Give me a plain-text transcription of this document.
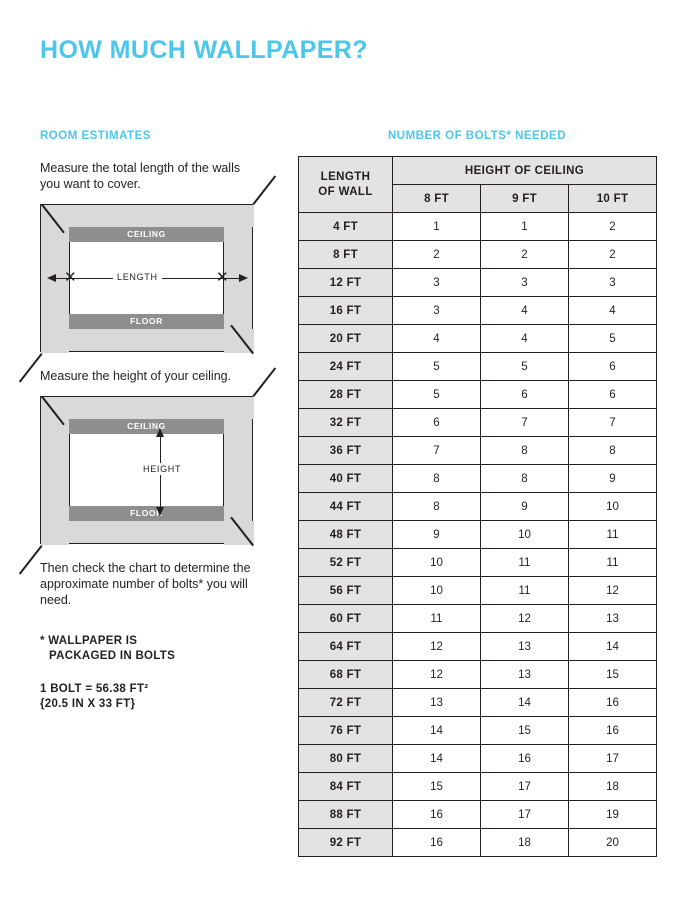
HOW MUCH WALLPAPER?
ROOM ESTIMATES

Measure the total length of the walls you want to cover.

CEILING
FLOOR
✕	✕
LENGTH

Measure the height of your ceiling.

CEILING
FLOOR
HEIGHT

Then check the chart to determine the approximate number of bolts* you will need.

* WALLPAPER IS
PACKAGED IN BOLTS
1 BOLT = 56.38 FT²
{20.5 IN X 33 FT}
NUMBER OF BOLTS* NEEDED
LENGTH
OF WALL	HEIGHT OF CEILING		
	8 FT	9 FT	10 FT
4 FT	1	1	2
8 FT	2	2	2
12 FT	3	3	3
16 FT	3	4	4
20 FT	4	4	5
24 FT	5	5	6
28 FT	5	6	6
32 FT	6	7	7
36 FT	7	8	8
40 FT	8	8	9
44 FT	8	9	10
48 FT	9	10	11
52 FT	10	11	11
56 FT	10	11	12
60 FT	11	12	13
64 FT	12	13	14
68 FT	12	13	15
72 FT	13	14	16
76 FT	14	15	16
80 FT	14	16	17
84 FT	15	17	18
88 FT	16	17	19
92 FT	16	18	20
